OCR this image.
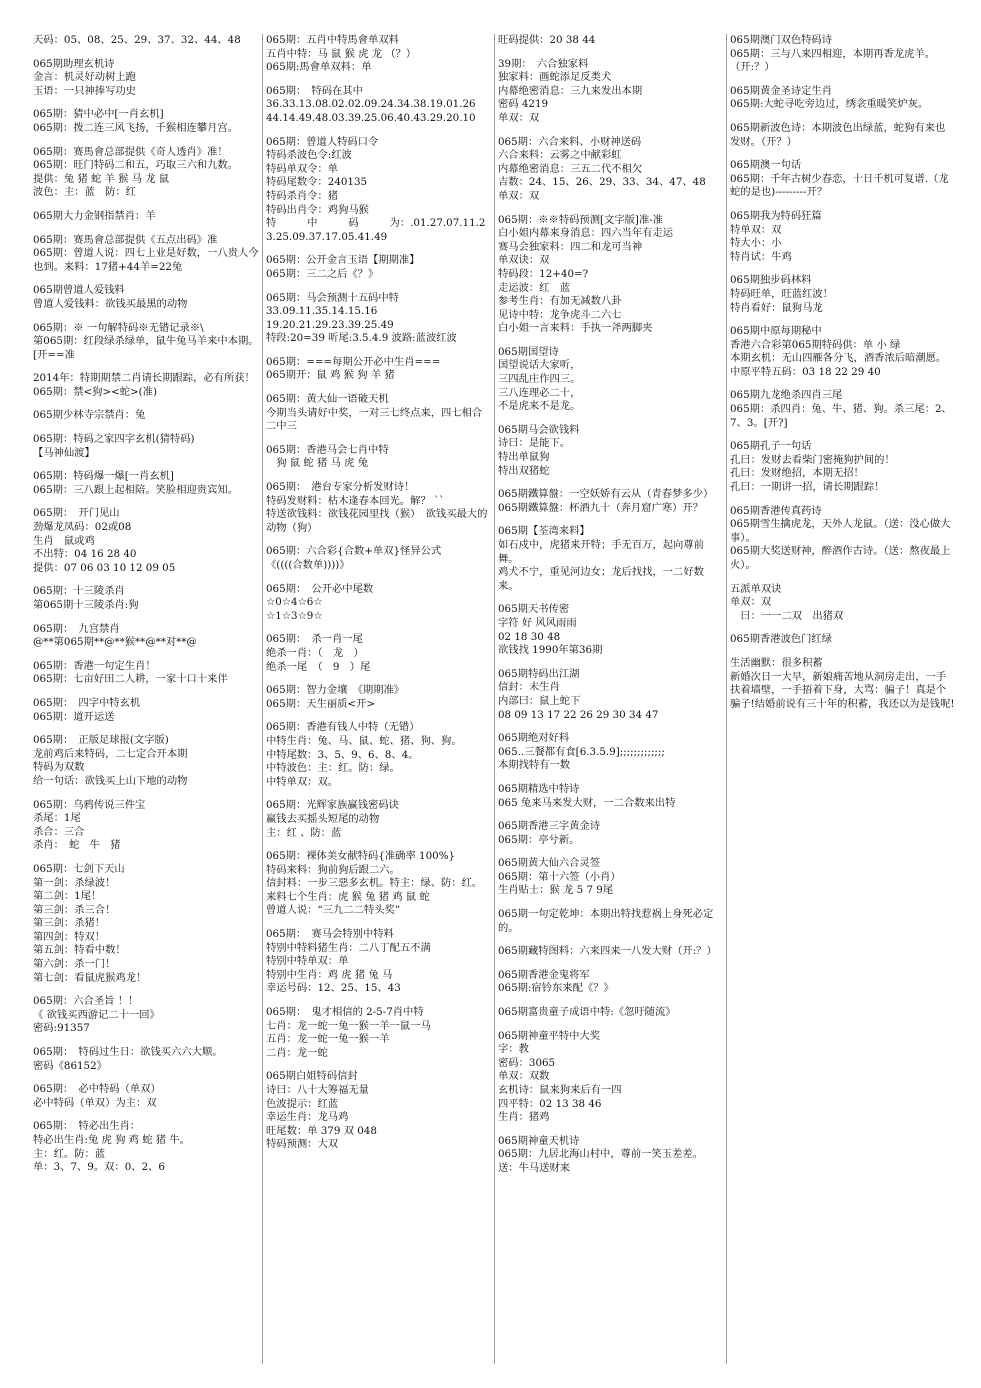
天码：05、08、25、29、37、32、44、48
065期助理玄机诗
金言：机灵好动树上跑
玉语：一只神捧写功史
065期：猜中必中[一肖玄机]
065期：拨二连三风飞扬，千猴相连攀月宫。
065期：赛馬會总部提供《奇人透肖》准！
065期：旺门特码二和五，巧取三六和九数。
提供：兔 猪 蛇 羊 猴 马 龙 鼠
波色：主：蓝　防：红
065期大力金钢指禁肖：羊
065期：赛馬會总部提供《五点出码》准
065期：曾道人说：四七上业是好数，一八贵人今也到。来料：17猪+44羊=22兔
065期曾道人爱钱料
曾道人爱钱料：欲钱买最黑的动物
065期：※ 一句解特码※无错记录※\
第065期：红段绿杀绿单，鼠牛兔马羊来中本期。[开==准
2014年：特期期禁二肖请长期跟踪，必有所获！
065期：禁<狗><蛇>(准)
065期少林寺宗禁肖：兔
065期：特码之家四字玄机(猜特码)
【马神仙渡】
065期：特码爆一爆[一肖玄机]
065期：三八跟上起相陪。笑脸相迎贵宾知。
065期：　开门见山
劲爆龙凤码：02或08
生肖　鼠或鸡
不出特：04 16 28 40
提供：07 06 03 10 12 09 05
065期：十三陵杀肖
第065期十三陵杀肖:狗
065期：　九宫禁肖
@**第065期**@**猴**@**对**@
065期：香港一句定生肖！
065期：七亩好田二人耕，一家十口十来伴
065期：　四字中特玄机
065期：道开运送
065期：　正版足球报(文字版)
龙前鸡后来特码，二七定合开本期
特码为双数
给一句话：欲钱买上山下地的动物
065期：乌鸦传说三件宝
杀尾：1尾
杀合：三合
杀肖：　蛇　牛　猪
065期：七剑下天山
第一剑：杀绿波！
第二剑：1尾！
第三剑：杀三合！
第三剑：杀猪！
第四剑：特双！
第五剑：特看中数！
第六剑：杀一门！
第七剑：看鼠虎猴鸡龙！
065期：六合圣旨 ！！
《 欲钱买西游记二十一回》
密码:91357
065期：　特码过生日：欲钱买六六大顺。
密码《86152》
065期：　必中特码（单双）
必中特码（单双）为主：双
065期：　特必出生肖：
特必出生肖:兔 虎 狗 鸡 蛇 猪 牛。
主：红。防：蓝
单：3、7、9。双：0、2、6
065期：五肖中特馬會单双料
五肖中特：马 鼠 猴 虎 龙 （？）
065期:馬會单双料：单
065期：　特码在其中
36.33.13.08.02.02.09.24.34.38.19.01.26
44.14.49.48.03.39.25.06.40.43.29.20.10
065期：曾道人特码口令
特码杀波色令:红波
特码单双令：单
特码尾数令：240135
特码杀肖令：猪
特码出肖令：鸡狗马猴
特　　　中　　　码　　　为：.01.27.07.11.23.25.09.37.17.05.41.49
065期：公开金言玉语【期期准】
065期：三二之后《？》
065期：马会预测十五码中特
33.09.11.35.14.15.16
19.20.21.29.23.39.25.49
特段:20=39 听尾:3.5.4.9 波路:蓝波红波
065期：===每期公开必中生肖===
065期开：鼠 鸡 猴 狗 羊 猪
065期：黄大仙一语破天机
今期当头请好中奖，一对三七终点来，四七相合二中三
065期：香港马会七肖中特
　狗 鼠 蛇 猪 马 虎 兔
065期：　港台专家分析发财诗！
特码发财料：枯木逢春本回光。解？ ``
特送欲钱料：欲钱花园里找（猴）　欲钱买最大的动物（狗）
065期：六合彩{合数+单双}怪异公式
《((((合数单))))》
065期：　公开必中尾数
☆0☆4☆6☆
☆1☆3☆9☆
065期：　杀一肖一尾
绝杀一肖：（　龙　）
绝杀一尾　（　9　）尾
065期：智力金壤　《期期准》
065期：天生丽质<开>
065期：香港有钱人中特（无错）
中特生肖：兔、马、鼠、蛇、猪、狗、狗。
中特尾数：3、5、9、6、8、4。
中特波色：主：红。防：绿。
中特单双：双。
065期：光辉家族赢钱密码诀
赢钱去买摇头短尾的动物
主：红 、防：蓝
065期：裸体美女献特码{准确率 100%}
特码来料：狗前狗后跟二六。
信封料：一步三惡多玄机。特主：绿、防：红。
来料七个生肖：虎 猴 兔 猪 鸡 鼠 蛇
曾道人说：“三九二二特头奖”
065期：　赛马会特别中特料
特别中特料猪生肖：二八丁配五不满
特别中特单双：单
特别中生肖：鸡 虎 猪 兔 马
幸运号码：12、25、15、43
065期：　鬼才相信的 2-5-7肖中特
七肖：龙一蛇一兔一猴一羊一鼠一马
五肖：龙一蛇一兔一猴一羊
二肖：龙一蛇
065期白姐特码信封
诗曰：八十大筹福无量
色波提示：红蓝
幸运生肖：龙马鸡
旺尾数：单 379 双 048
特码预测：大双
旺码提供：20 38 44
39期：　六合独家料
独家料：画蛇添足反类犬
内幕绝密消息：三九来发出本期
密码 4219
单双：双
065期：六合来料、小财神送码
六合来料：云雾之中献彩虹
内幕绝密消息：三五二代不相欠
吉数：24、15、26、29、33、34、47、48
单双：双
065期：※※特码预测[文字版]准-准
白小姐内幕来身消息：四六当年有走运
赛马会独家料：四二和龙可当神
单双诀：双
特码段：12+40=?
走运波：红　蓝
参考生肖：有加无减数八卦
见诗中特：龙争虎斗二六七
白小姐一言来料：手执一斧两脚夹
065期国望诗
国望说话大家听，
三四乱庄作四三。
三八连理必二十，
不是虎来不是龙。
065期马会欲钱料
诗曰：是能下。
特出单鼠狗
特出双猪蛇
065期鐵算盤：一空妖娇有云从（青春梦多少）
065期鐵算盤：杯酒九十（奔月窟广寒）开？
065期【荃湾来料】
如石戍中，虎猪来开特；手无百万，起向尊前舞。
鸡犬不宁，重见河边女；龙后找找，一二好数来。
065期天书传密
字符 好 风风雨雨
02 18 30 48
欲钱找 1990年第36期
065期特码出江湖
信封：未生肖
内部曰：鼠上蛇下
08 09 13 17 22 26 29 30 34 47
065期绝对好料
065..三餐都有食[6.3.5.9];;;;;;;;;;;;;
本期找特有一数
065期精选中特诗
065 兔来马来发大财，一二合数来出特
065期香港三字黄金诗
065期：亭兮新。
065期黄大仙六合灵签
065期：第十六签（小肖）
生肖贴士：猴 龙 5 7 9尾
065期一句定乾坤：本期出特找惹祸上身死必定的。
065期藏特图料：六来四来一八发大财（开:？）
065期香港金鬼将军
065期:宿钤东来配《？》
065期富贵童子成语中特:《忽吁随流》
065期神童平特中大奖
字：教
密码：3065
单双：双数
玄机诗：鼠来狗来后有一四
四平特：02 13 38 46
生肖：猪鸡
065期神童天机诗
065期：九居北海山村中，尊前一笑玉差差。　送：牛马送财来
065期澳门双色特码诗
065期：三与八来四相迎，本期再香龙虎羊。（开:？）
065期黄金圣诗定生肖
065期:大蛇寻吃旁边过，绣衾重暖笑炉灰。
065期新波色诗：本期波色出绿蓝，蛇狗有来也发财。（开？）
065期澳一句话
065期：千年古树少春恋，十日千机可复谱.（龙蛇的是也)---------开？
065期我为特码狂篇
特单双：双
特大小：小
特肖试：牛鸡
065期独步码林料
特码旺单，旺蓝红波！
特肖看好：鼠狗马龙
065期中原每期秘中
香港六合彩第065期特码供：单 小 绿
本期玄机：无山四雁各分飞，酒香浓后暗潮愿。
中原平特五码：03 18 22 29 40
065期九龙绝杀四肖三尾
065期：杀四肖：兔、牛、猪、狗。杀三尾：2、7、3。[开?]
065期孔子一句话
孔曰：发财去看柴门密掩狗护间的！
孔曰：发财绝招，本期无招！
孔曰：一期讲一招，请长期跟踪！
065期香港传真药诗
065期雪生擒虎龙，天外人龙鼠。（送：没心做大事）。
065期大奖送财神，醉酒作古诗。（送：熬夜最上火）。
五派单双诀
单双：双
　曰：一一二双　出猪双
065期香港波色门红绿
生活幽默：很多积蓄
新婚次日一大早，新娘痛苦地从洞房走出，一手扶着墙壁，一手捂着下身，大骂：骗子！真是个骗子!结婚前说有三十年的积蓄，我还以为是钱呢!
